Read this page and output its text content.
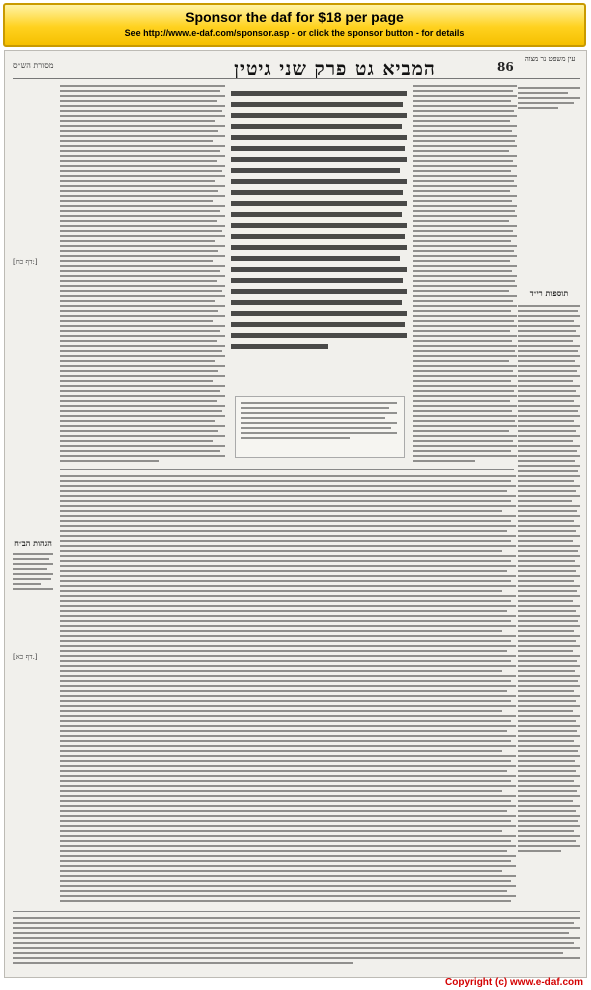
Sponsor the daf for $18 per page
See http://www.e-daf.com/sponsor.asp - or click the sponsor button - for details
מסורת הש״ס	המביא גט פרק שני גיטין	86
עין משפט נר מצוה
[דף כח:]
הגהות הב״ח
[דף כא.]
תוספות רי״ד
Copyright (c) www.e-daf.com
